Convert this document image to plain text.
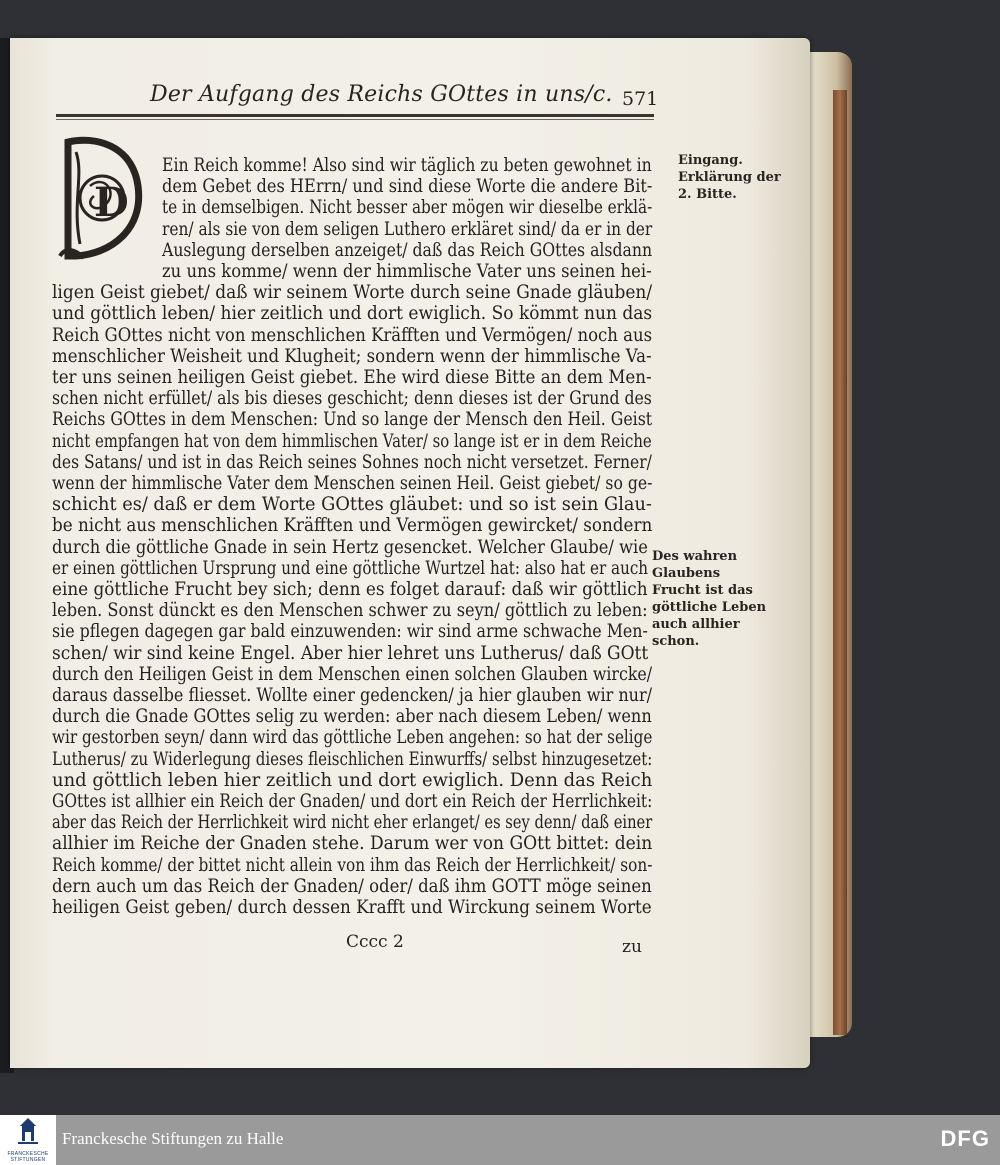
Der Aufgang des Reichs GOttes in uns/c. 571
D
Ein Reich komme! Also sind wir täglich zu beten gewohnet in
dem Gebet des HErrn/ und sind diese Worte die andere Bit-
te in demselbigen. Nicht besser aber mögen wir dieselbe erklä-
ren/ als sie von dem seligen Luthero erkläret sind/ da er in der
Auslegung derselben anzeiget/ daß das Reich GOttes alsdann
zu uns komme/ wenn der himmlische Vater uns seinen hei-
ligen Geist giebet/ daß wir seinem Worte durch seine Gnade gläuben/
und göttlich leben/ hier zeitlich und dort ewiglich. So kömmt nun das
Reich GOttes nicht von menschlichen Kräfften und Vermögen/ noch aus
menschlicher Weisheit und Klugheit; sondern wenn der himmlische Va-
ter uns seinen heiligen Geist giebet. Ehe wird diese Bitte an dem Men-
schen nicht erfüllet/ als bis dieses geschicht; denn dieses ist der Grund des
Reichs GOttes in dem Menschen: Und so lange der Mensch den Heil. Geist
nicht empfangen hat von dem himmlischen Vater/ so lange ist er in dem Reiche
des Satans/ und ist in das Reich seines Sohnes noch nicht versetzet. Ferner/
wenn der himmlische Vater dem Menschen seinen Heil. Geist giebet/ so ge-
schicht es/ daß er dem Worte GOttes gläubet: und so ist sein Glau-
be nicht aus menschlichen Kräfften und Vermögen gewircket/ sondern
durch die göttliche Gnade in sein Hertz gesencket. Welcher Glaube/ wie
er einen göttlichen Ursprung und eine göttliche Wurtzel hat: also hat er auch
eine göttliche Frucht bey sich; denn es folget darauf: daß wir göttlich
leben. Sonst dünckt es den Menschen schwer zu seyn/ göttlich zu leben:
sie pflegen dagegen gar bald einzuwenden: wir sind arme schwache Men-
schen/ wir sind keine Engel. Aber hier lehret uns Lutherus/ daß GOtt
durch den Heiligen Geist in dem Menschen einen solchen Glauben wircke/
daraus dasselbe fliesset. Wollte einer gedencken/ ja hier glauben wir nur/
durch die Gnade GOttes selig zu werden: aber nach diesem Leben/ wenn
wir gestorben seyn/ dann wird das göttliche Leben angehen: so hat der selige
Lutherus/ zu Widerlegung dieses fleischlichen Einwurffs/ selbst hinzugesetzet:
und göttlich leben hier zeitlich und dort ewiglich. Denn das Reich
GOttes ist allhier ein Reich der Gnaden/ und dort ein Reich der Herrlichkeit:
aber das Reich der Herrlichkeit wird nicht eher erlanget/ es sey denn/ daß einer
allhier im Reiche der Gnaden stehe. Darum wer von GOtt bittet: dein
Reich komme/ der bittet nicht allein von ihm das Reich der Herrlichkeit/ son-
dern auch um das Reich der Gnaden/ oder/ daß ihm GOTT möge seinen
heiligen Geist geben/ durch dessen Krafft und Wirckung seinem Worte
Eingang.
Erklärung der
2. Bitte.
Des wahren
Glaubens
Frucht ist das
göttliche Leben
auch allhier
schon.
Cccc 2	zu
FRANCKESCHE STIFTUNGEN
Franckesche Stiftungen zu Halle	DFG
